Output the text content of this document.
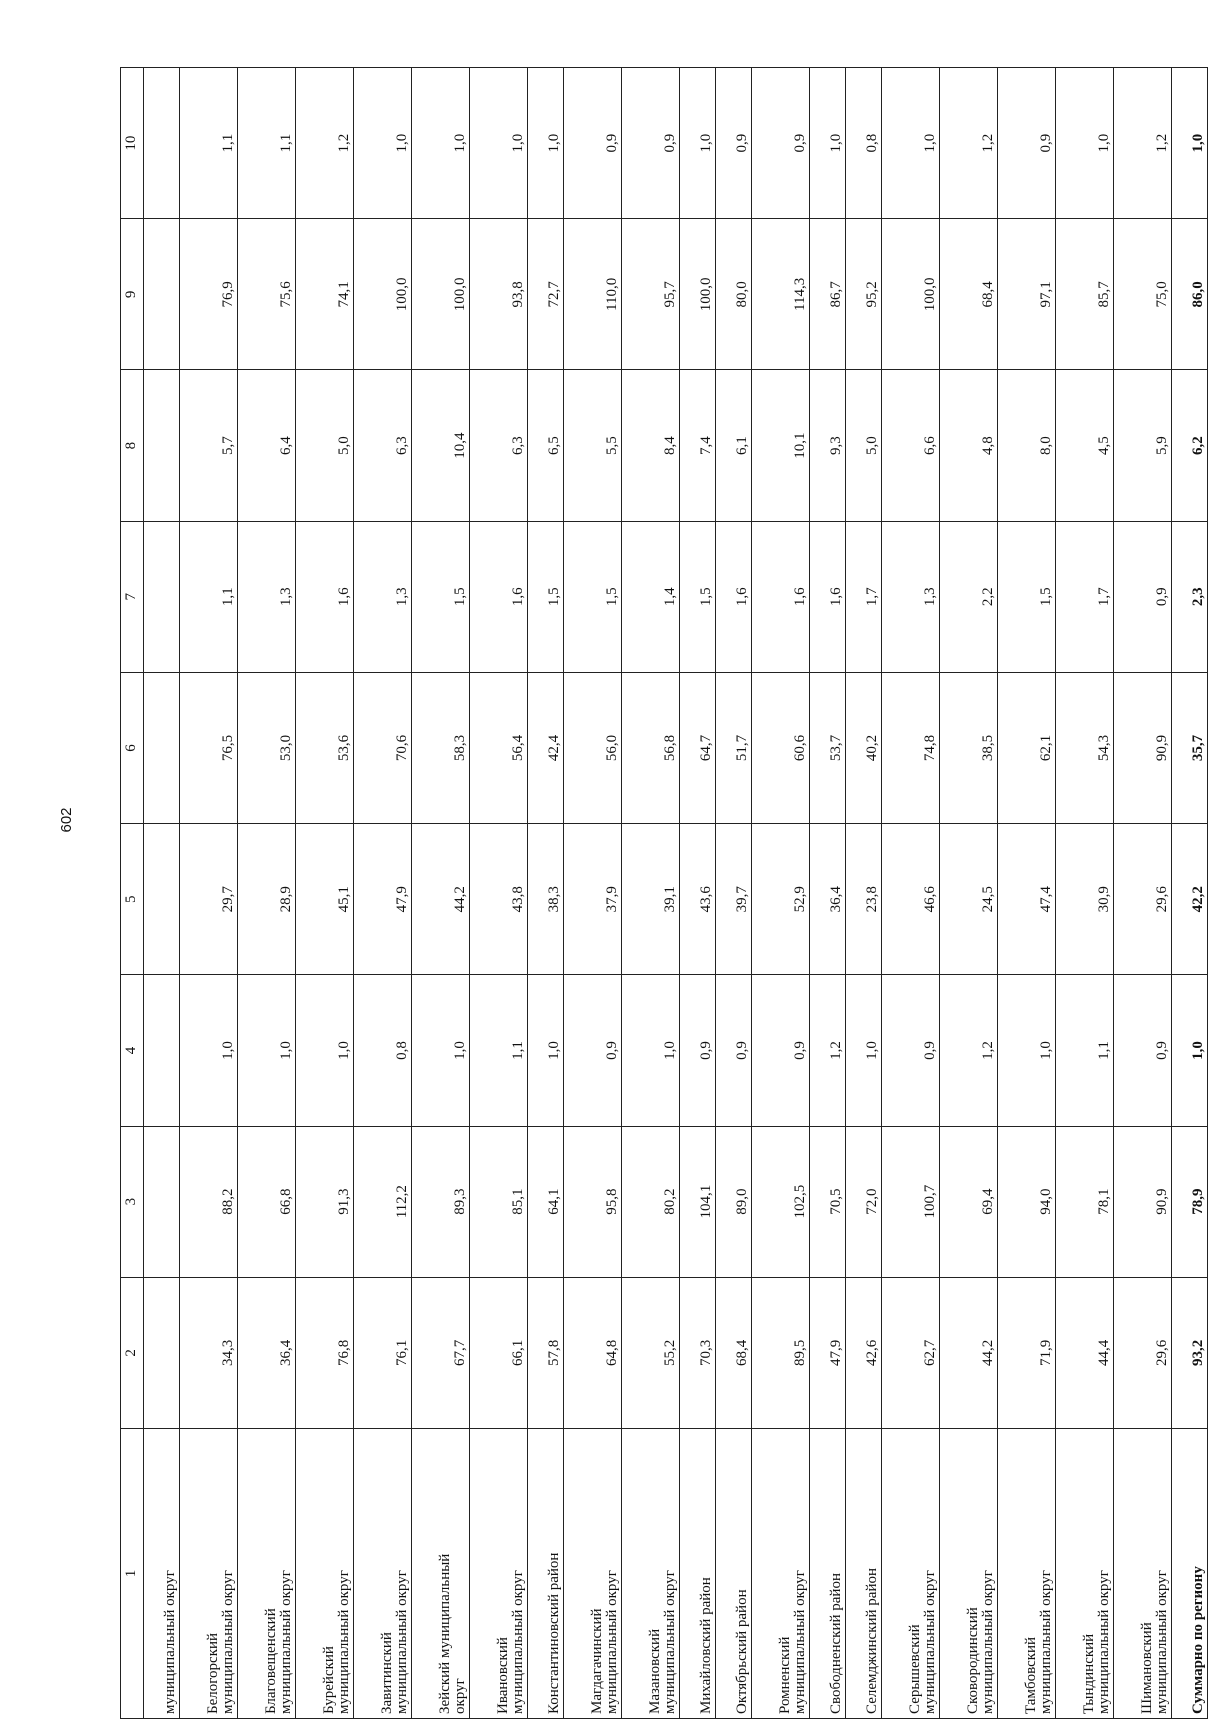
602
1	2	3	4	5	6	7	8	9	10

муниципальный округ									

Белогорский муниципальный округ	34,3	88,2	1,0	29,7	76,5	1,1	5,7	76,9	1,1

Благовещенский муниципальный округ	36,4	66,8	1,0	28,9	53,0	1,3	6,4	75,6	1,1

Бурейский муниципальный округ	76,8	91,3	1,0	45,1	53,6	1,6	5,0	74,1	1,2

Завитинский муниципальный округ	76,1	112,2	0,8	47,9	70,6	1,3	6,3	100,0	1,0

Зейский муниципальный округ	67,7	89,3	1,0	44,2	58,3	1,5	10,4	100,0	1,0

Ивановский муниципальный округ	66,1	85,1	1,1	43,8	56,4	1,6	6,3	93,8	1,0

Константиновский район	57,8	64,1	1,0	38,3	42,4	1,5	6,5	72,7	1,0

Магдагачинский муниципальный округ	64,8	95,8	0,9	37,9	56,0	1,5	5,5	110,0	0,9

Мазановский муниципальный округ	55,2	80,2	1,0	39,1	56,8	1,4	8,4	95,7	0,9

Михайловский район	70,3	104,1	0,9	43,6	64,7	1,5	7,4	100,0	1,0

Октябрьский район	68,4	89,0	0,9	39,7	51,7	1,6	6,1	80,0	0,9

Ромненский муниципальный округ	89,5	102,5	0,9	52,9	60,6	1,6	10,1	114,3	0,9

Свободненский район	47,9	70,5	1,2	36,4	53,7	1,6	9,3	86,7	1,0

Селемджинский район	42,6	72,0	1,0	23,8	40,2	1,7	5,0	95,2	0,8

Серышевский муниципальный округ	62,7	100,7	0,9	46,6	74,8	1,3	6,6	100,0	1,0

Сковородинский муниципальный округ	44,2	69,4	1,2	24,5	38,5	2,2	4,8	68,4	1,2

Тамбовский муниципальный округ	71,9	94,0	1,0	47,4	62,1	1,5	8,0	97,1	0,9

Тындинский муниципальный округ	44,4	78,1	1,1	30,9	54,3	1,7	4,5	85,7	1,0

Шимановский муниципальный округ	29,6	90,9	0,9	29,6	90,9	0,9	5,9	75,0	1,2

Суммарно по региону	93,2	78,9	1,0	42,2	35,7	2,3	6,2	86,0	1,0
